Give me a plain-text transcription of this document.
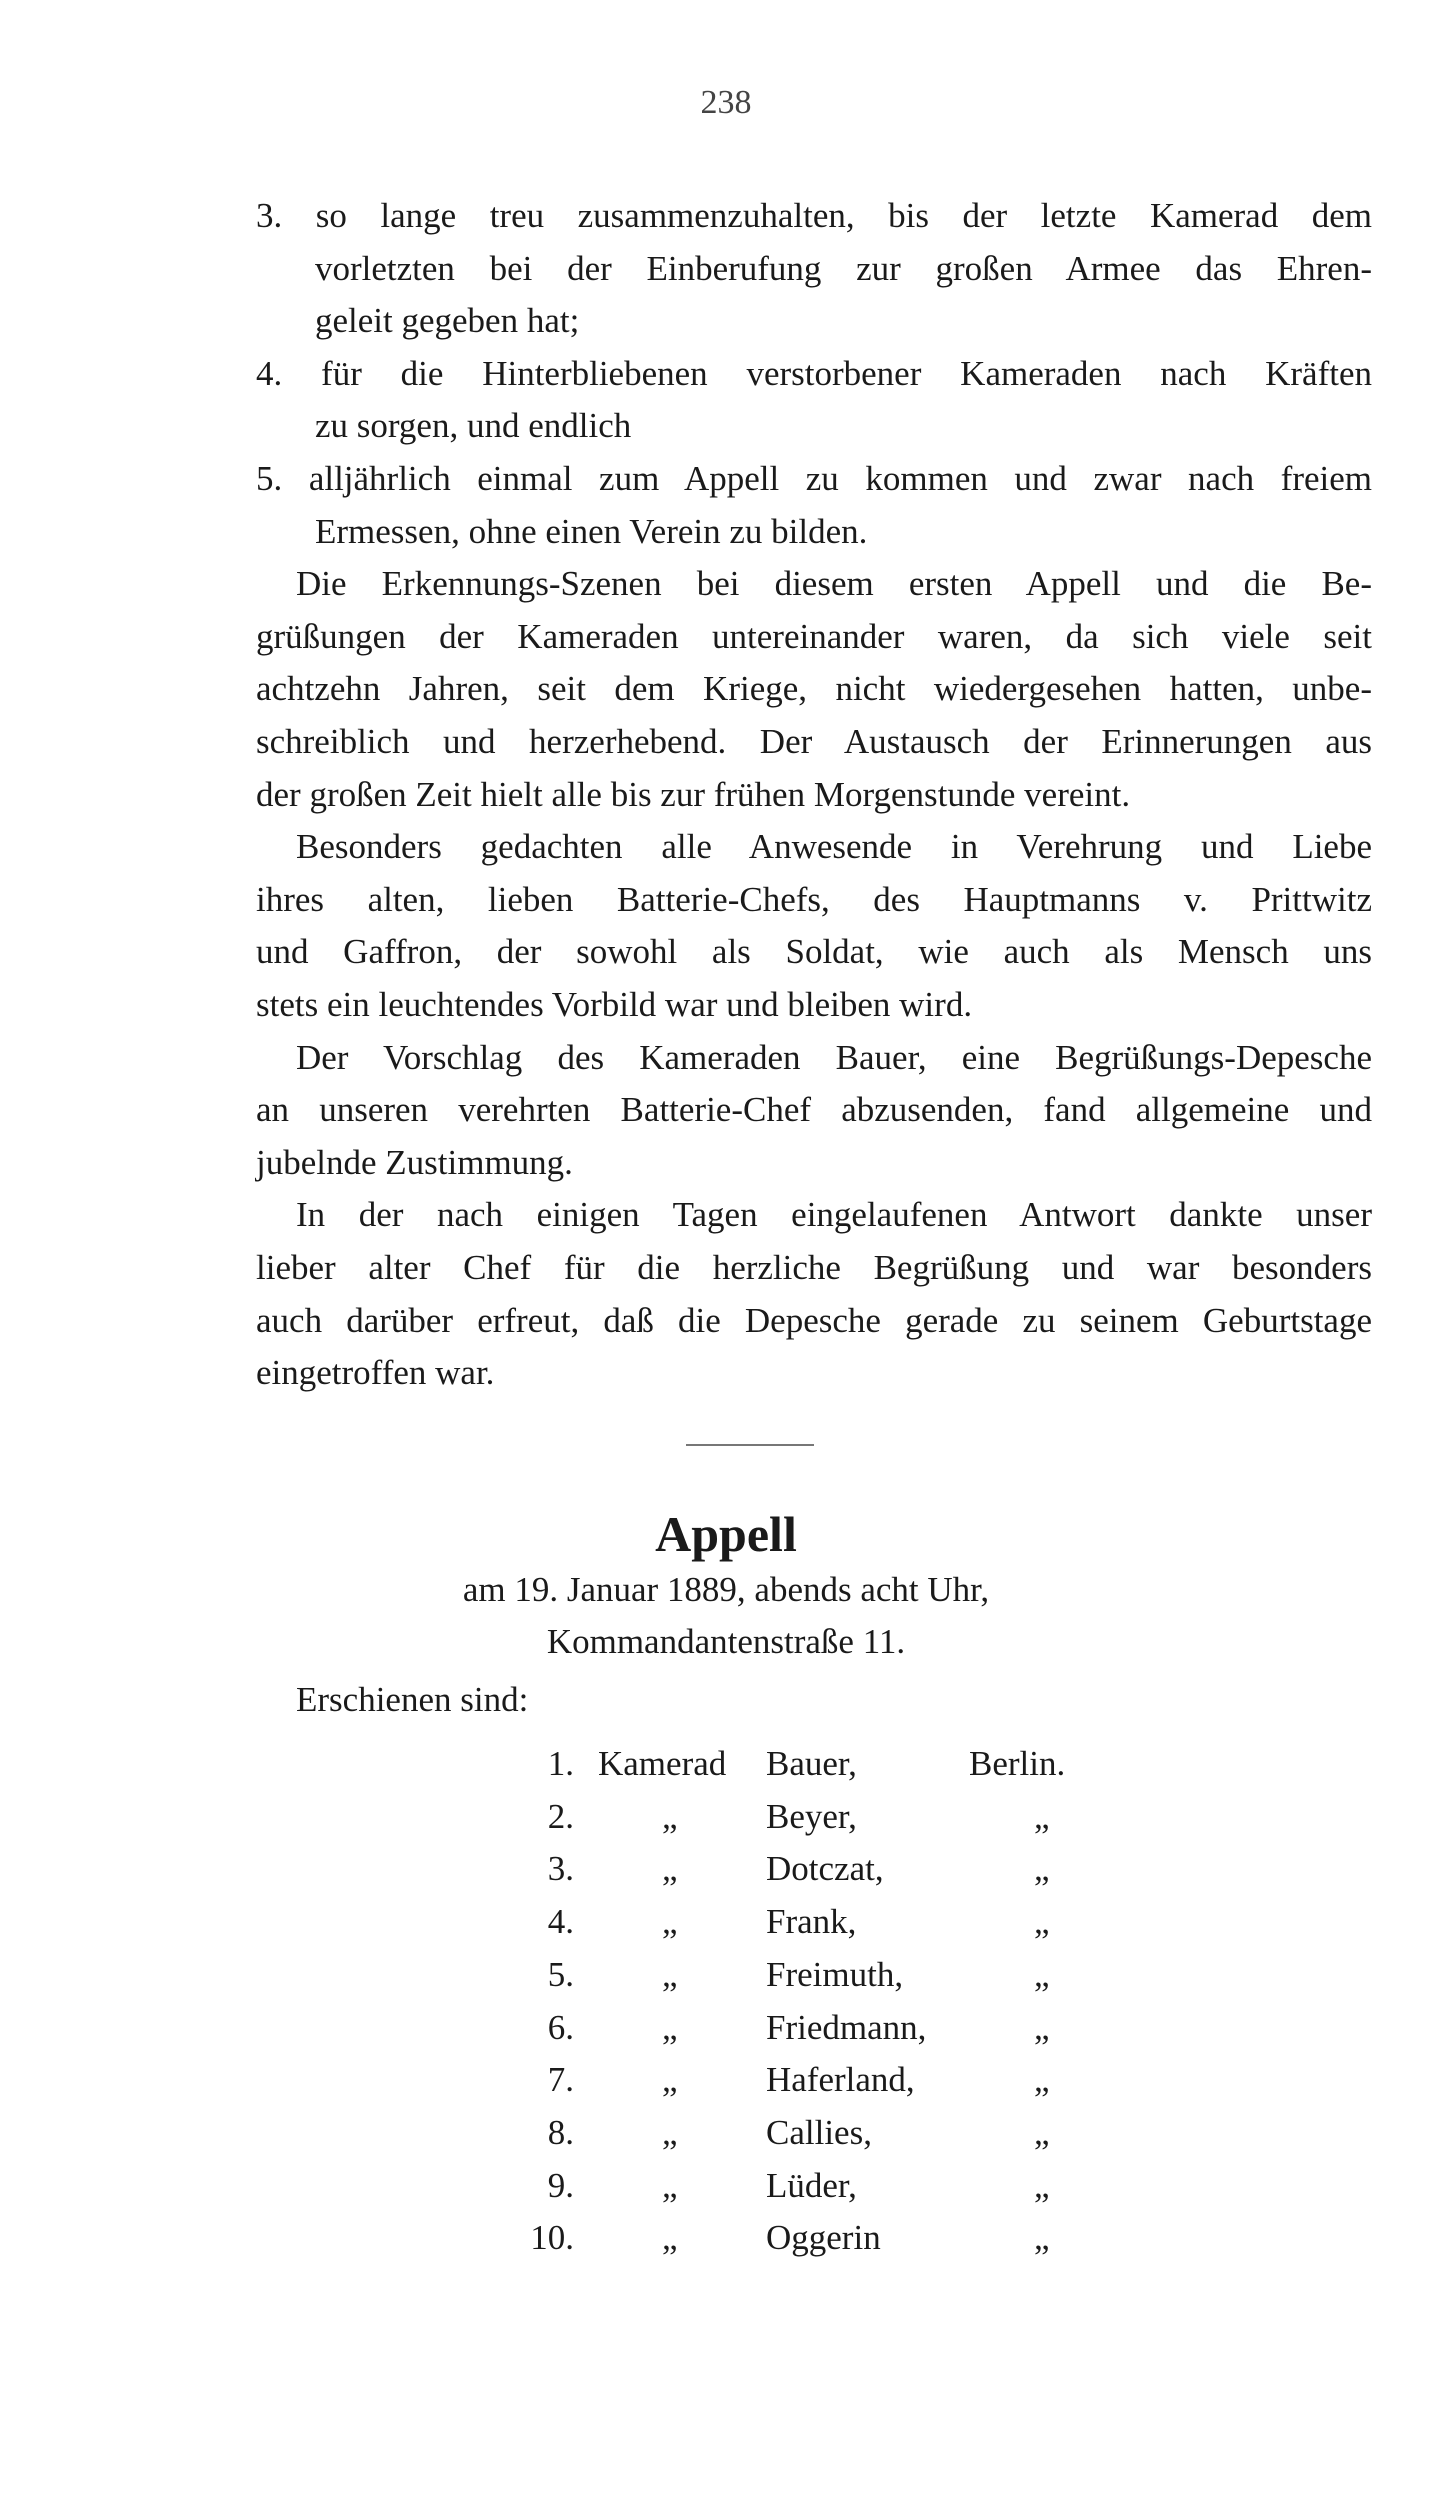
238
3. so lange treu zusammenzuhalten, bis der letzte Kamerad dem
vorletzten bei der Einberufung zur großen Armee das Ehren-
geleit gegeben hat;
4. für die Hinterbliebenen verstorbener Kameraden nach Kräften
zu sorgen, und endlich
5. alljährlich einmal zum Appell zu kommen und zwar nach freiem
Ermessen, ohne einen Verein zu bilden.
Die Erkennungs-Szenen bei diesem ersten Appell und die Be-
grüßungen der Kameraden untereinander waren, da sich viele seit
achtzehn Jahren, seit dem Kriege, nicht wiedergesehen hatten, unbe-
schreiblich und herzerhebend. Der Austausch der Erinnerungen aus
der großen Zeit hielt alle bis zur frühen Morgenstunde vereint.
Besonders gedachten alle Anwesende in Verehrung und Liebe
ihres alten, lieben Batterie-Chefs, des Hauptmanns v. Prittwitz
und Gaffron, der sowohl als Soldat, wie auch als Mensch uns
stets ein leuchtendes Vorbild war und bleiben wird.
Der Vorschlag des Kameraden Bauer, eine Begrüßungs-Depesche
an unseren verehrten Batterie-Chef abzusenden, fand allgemeine und
jubelnde Zustimmung.
In der nach einigen Tagen eingelaufenen Antwort dankte unser
lieber alter Chef für die herzliche Begrüßung und war besonders
auch darüber erfreut, daß die Depesche gerade zu seinem Geburtstage
eingetroffen war.
Appell
am 19. Januar 1889, abends acht Uhr,
Kommandantenstraße 11.
Erschienen sind:
1. Kamerad Bauer,	Berlin.
2.	„	Beyer,	„
3.	„	Dotczat,	„
4.	„	Frank,	„
5.	„	Freimuth,	„
6.	„	Friedmann,	„
7.	„	Haferland,	„
8.	„	Callies,	„
9.	„	Lüder,	„
10.	„	Oggerin	„
